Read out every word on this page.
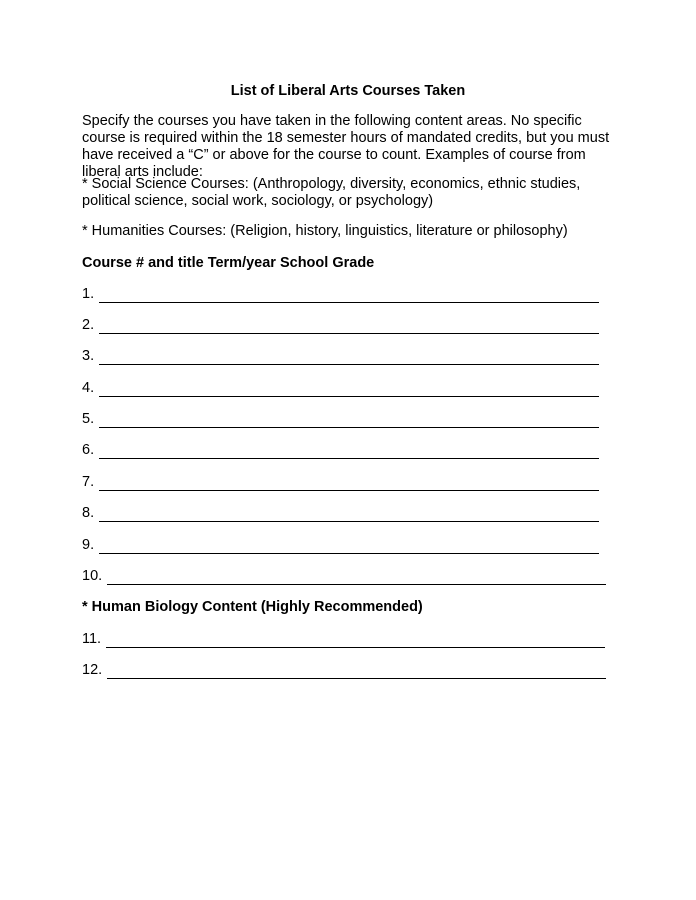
List of Liberal Arts Courses Taken

Specify the courses you have taken in the following content areas. No specific course is required within the 18 semester hours of mandated credits, but you must have received a “C” or above for the course to count. Examples of course from liberal arts include:

* Social Science Courses: (Anthropology, diversity, economics, ethnic studies, political science, social work, sociology, or psychology)

* Humanities Courses: (Religion, history, linguistics, literature or philosophy)

Course # and title Term/year School Grade
1.
2.
3.
4.
5.
6.
7.
8.
9.
10.
* Human Biology Content (Highly Recommended)
11.
12.
